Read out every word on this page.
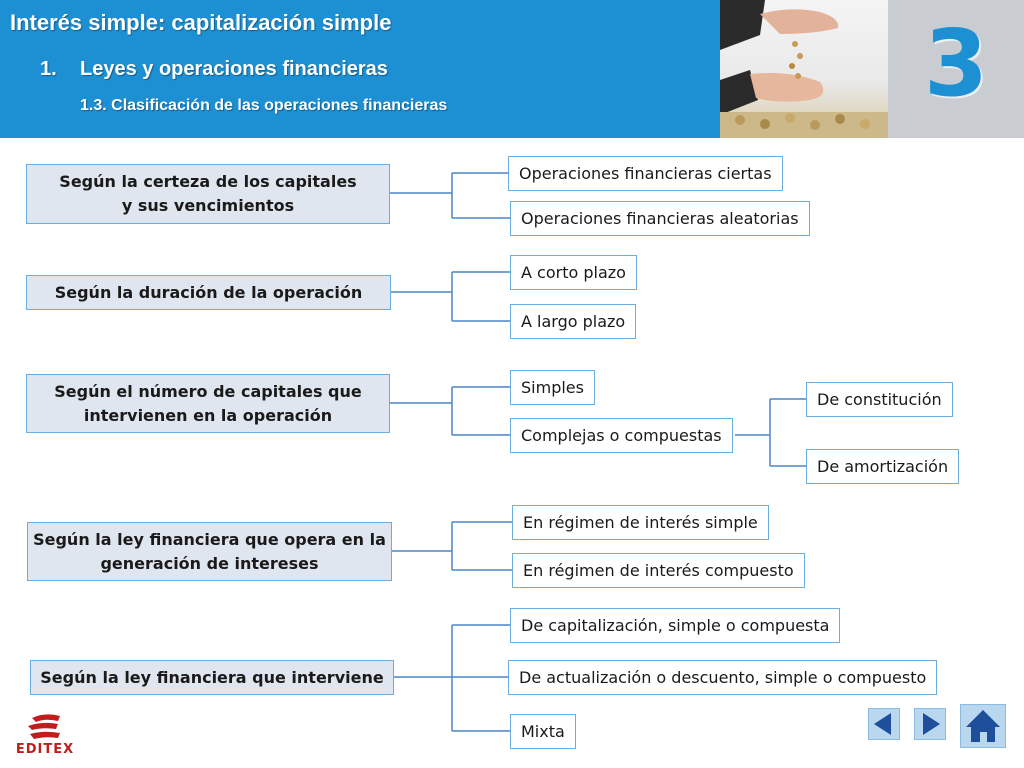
Interés simple: capitalización simple
1. Leyes y operaciones financieras
1.3. Clasificación de las operaciones financieras	3
Según la certeza de los capitales
y sus vencimientos
Operaciones financieras ciertas
Operaciones financieras aleatorias
Según la duración de la operación
A corto plazo
A largo plazo
Según el número de capitales que
intervienen en la operación
Simples
Complejas o compuestas
De constitución
De amortización
Según la ley financiera que opera en la
generación de intereses
En régimen de interés simple
En régimen de interés compuesto
Según la ley financiera que interviene
De capitalización, simple o compuesta
De actualización o descuento, simple o compuesto
Mixta
EDITEX
